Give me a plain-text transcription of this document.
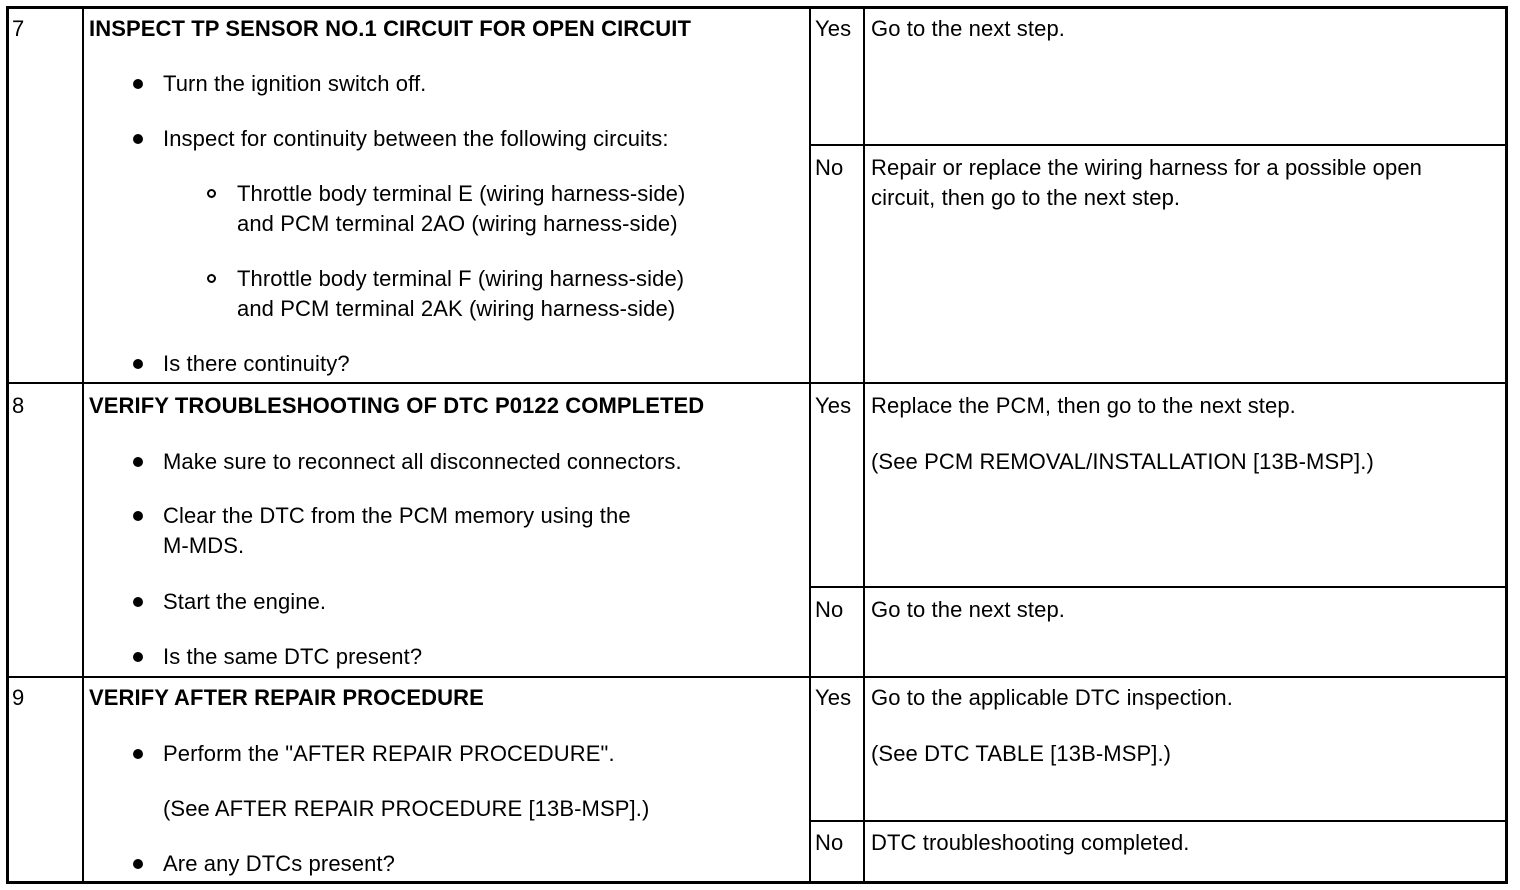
7	INSPECT TP SENSOR NO.1 CIRCUIT FOR OPEN CIRCUIT
Turn the ignition switch off.
Inspect for continuity between the following circuits:
Throttle body terminal E (wiring harness-side)
and PCM terminal 2AO (wiring harness-side)
Throttle body terminal F (wiring harness-side)
and PCM terminal 2AK (wiring harness-side)
Is there continuity?
Yes Go to the next step.
No Repair or replace the wiring harness for a possible open
circuit, then go to the next step.
8	VERIFY TROUBLESHOOTING OF DTC P0122 COMPLETED
Make sure to reconnect all disconnected connectors.
Clear the DTC from the PCM memory using the
M-MDS.
Start the engine.
Is the same DTC present?
Yes Replace the PCM, then go to the next step.
(See PCM REMOVAL/INSTALLATION [13B-MSP].)
No Go to the next step.
9	VERIFY AFTER REPAIR PROCEDURE
Perform the "AFTER REPAIR PROCEDURE".
(See AFTER REPAIR PROCEDURE [13B-MSP].)
Are any DTCs present?
Yes Go to the applicable DTC inspection.
(See DTC TABLE [13B-MSP].)
No DTC troubleshooting completed.
